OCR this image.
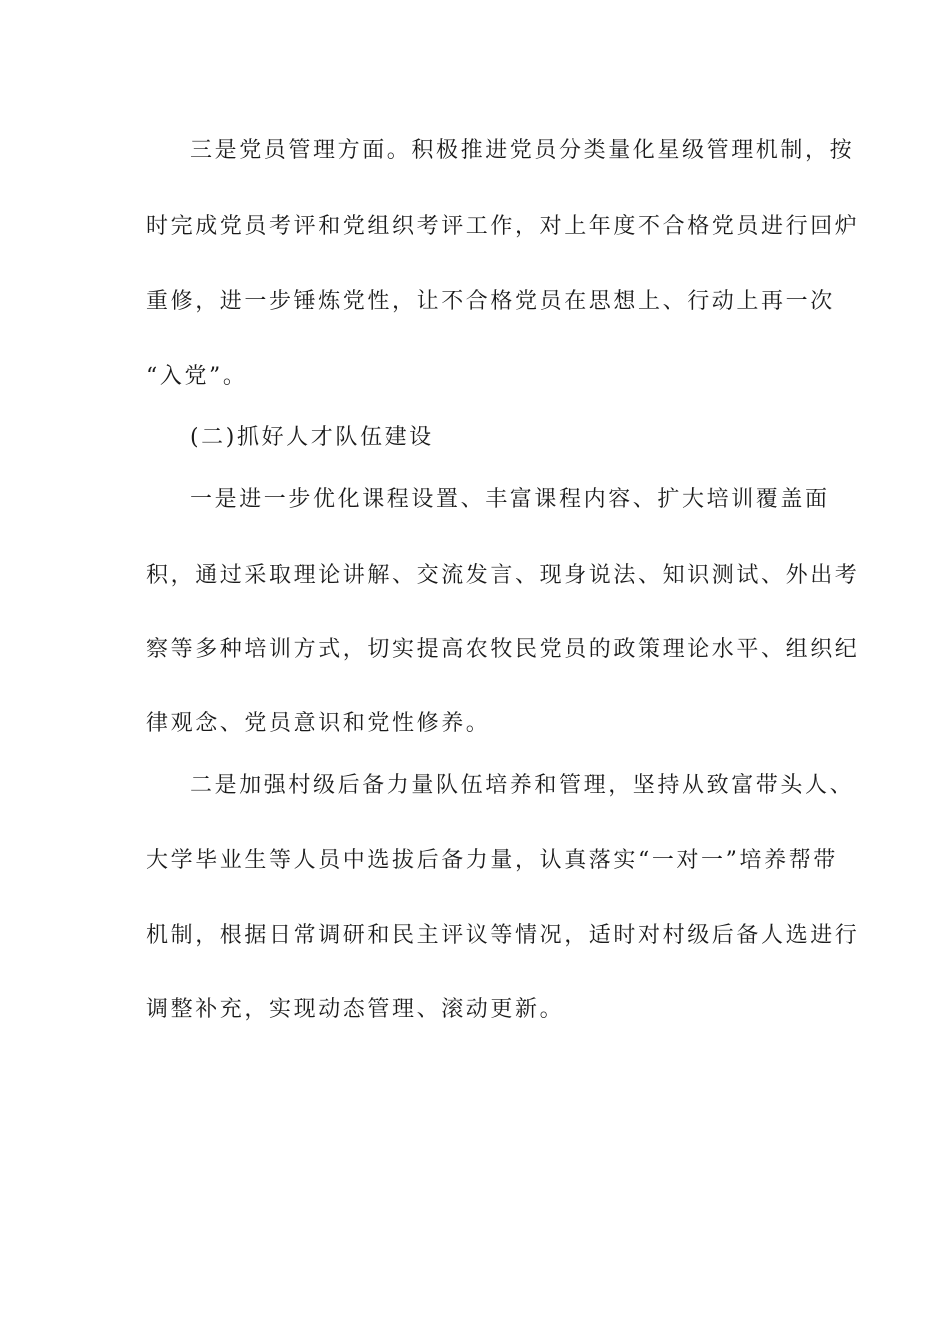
三是党员管理方面。积极推进党员分类量化星级管理机制，按
时完成党员考评和党组织考评工作，对上年度不合格党员进行回炉
重修，进一步锤炼党性，让不合格党员在思想上、行动上再一次
“入党”。
(二)抓好人才队伍建设
一是进一步优化课程设置、丰富课程内容、扩大培训覆盖面
积，通过采取理论讲解、交流发言、现身说法、知识测试、外出考
察等多种培训方式，切实提高农牧民党员的政策理论水平、组织纪
律观念、党员意识和党性修养。
二是加强村级后备力量队伍培养和管理，坚持从致富带头人、
大学毕业生等人员中选拔后备力量，认真落实“一对一”培养帮带
机制，根据日常调研和民主评议等情况，适时对村级后备人选进行
调整补充，实现动态管理、滚动更新。
